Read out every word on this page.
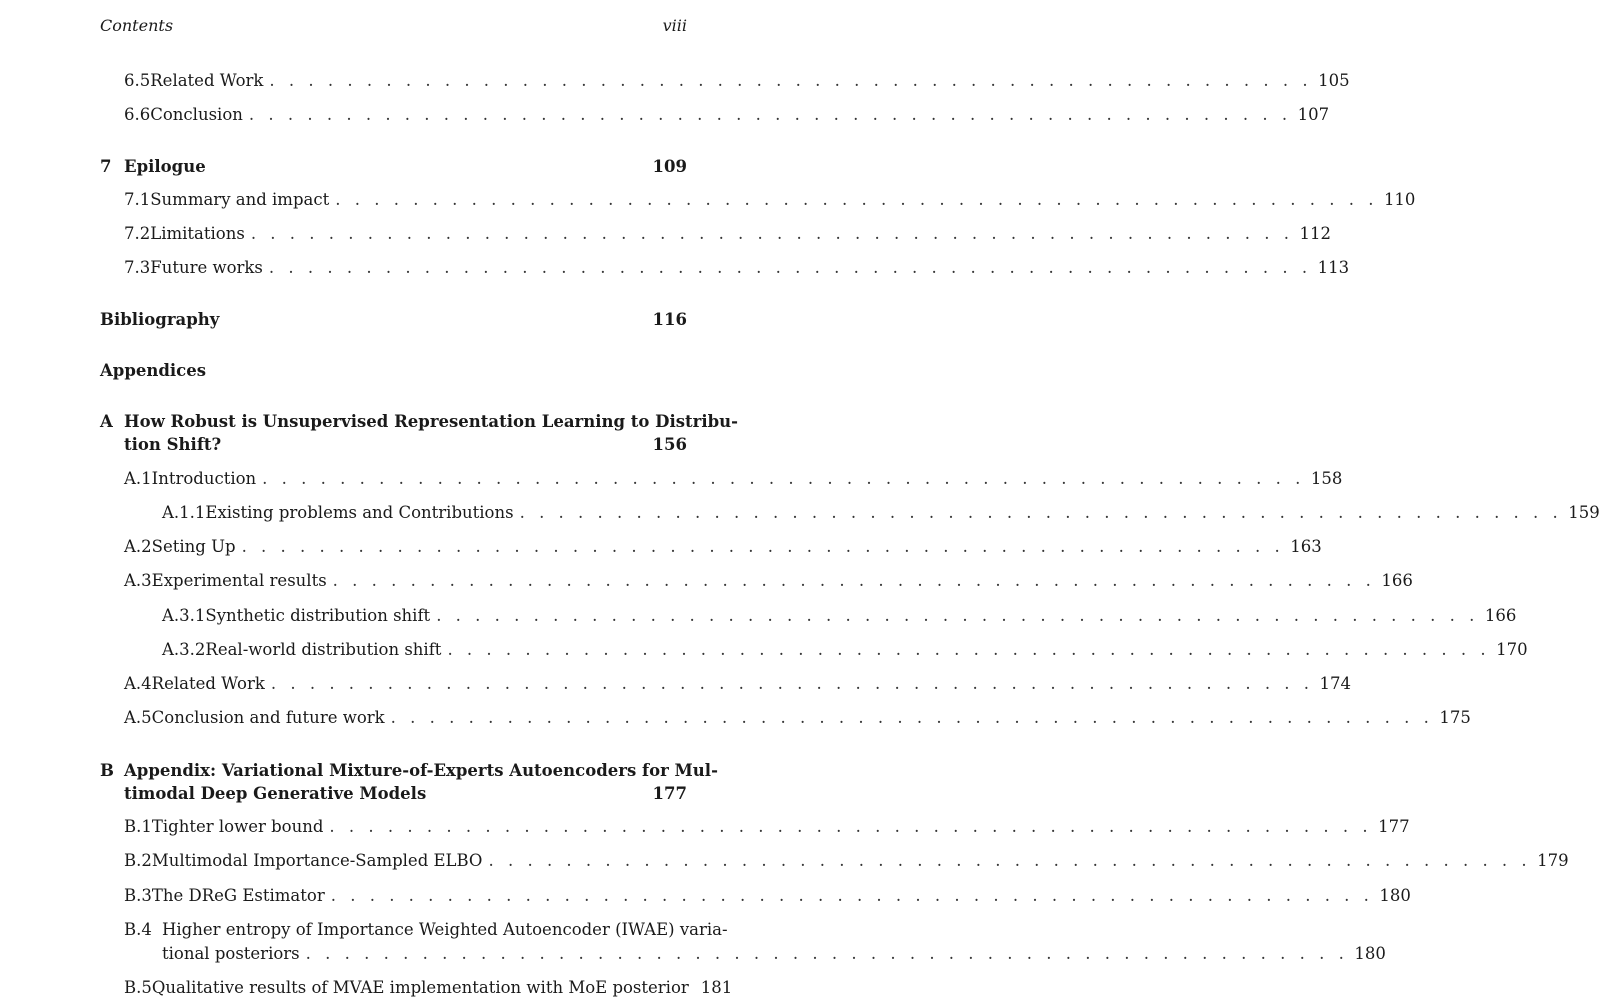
Contents	viii
6.5 Related Work . . . . . . . . . . . . . . . . . . . . . . . . . . . . . . . . . . . . . . . . . . . . . . . . . . . . . . 105
6.6 Conclusion . . . . . . . . . . . . . . . . . . . . . . . . . . . . . . . . . . . . . . . . . . . . . . . . . . . . . . 107
7 Epilogue	109
7.1 Summary and impact . . . . . . . . . . . . . . . . . . . . . . . . . . . . . . . . . . . . . . . . . . . . . . . . . . . . . . 110
7.2 Limitations . . . . . . . . . . . . . . . . . . . . . . . . . . . . . . . . . . . . . . . . . . . . . . . . . . . . . . 112
7.3 Future works . . . . . . . . . . . . . . . . . . . . . . . . . . . . . . . . . . . . . . . . . . . . . . . . . . . . . . 113
Bibliography	116
Appendices
A How Robust is Unsupervised Representation Learning to Distribu-
tion Shift?	156
A.1 Introduction . . . . . . . . . . . . . . . . . . . . . . . . . . . . . . . . . . . . . . . . . . . . . . . . . . . . . . 158
A.1.1 Existing problems and Contributions . . . . . . . . . . . . . . . . . . . . . . . . . . . . . . . . . . . . . . . . . . . . . . . . . . . . . . 159
A.2 Seting Up . . . . . . . . . . . . . . . . . . . . . . . . . . . . . . . . . . . . . . . . . . . . . . . . . . . . . . 163
A.3 Experimental results . . . . . . . . . . . . . . . . . . . . . . . . . . . . . . . . . . . . . . . . . . . . . . . . . . . . . . 166
A.3.1 Synthetic distribution shift . . . . . . . . . . . . . . . . . . . . . . . . . . . . . . . . . . . . . . . . . . . . . . . . . . . . . . 166
A.3.2 Real-world distribution shift . . . . . . . . . . . . . . . . . . . . . . . . . . . . . . . . . . . . . . . . . . . . . . . . . . . . . . 170
A.4 Related Work . . . . . . . . . . . . . . . . . . . . . . . . . . . . . . . . . . . . . . . . . . . . . . . . . . . . . . 174
A.5 Conclusion and future work . . . . . . . . . . . . . . . . . . . . . . . . . . . . . . . . . . . . . . . . . . . . . . . . . . . . . . 175
B Appendix: Variational Mixture-of-Experts Autoencoders for Mul-
timodal Deep Generative Models	177
B.1 Tighter lower bound . . . . . . . . . . . . . . . . . . . . . . . . . . . . . . . . . . . . . . . . . . . . . . . . . . . . . . 177
B.2 Multimodal Importance-Sampled ELBO . . . . . . . . . . . . . . . . . . . . . . . . . . . . . . . . . . . . . . . . . . . . . . . . . . . . . . 179
B.3 The DReG Estimator . . . . . . . . . . . . . . . . . . . . . . . . . . . . . . . . . . . . . . . . . . . . . . . . . . . . . . 180
B.4 Higher entropy of Importance Weighted Autoencoder (IWAE) varia-
tional posteriors . . . . . . . . . . . . . . . . . . . . . . . . . . . . . . . . . . . . . . . . . . . . . . . . . . . . . . 180
B.5 Qualitative results of MVAE implementation with MoE posterior 181
